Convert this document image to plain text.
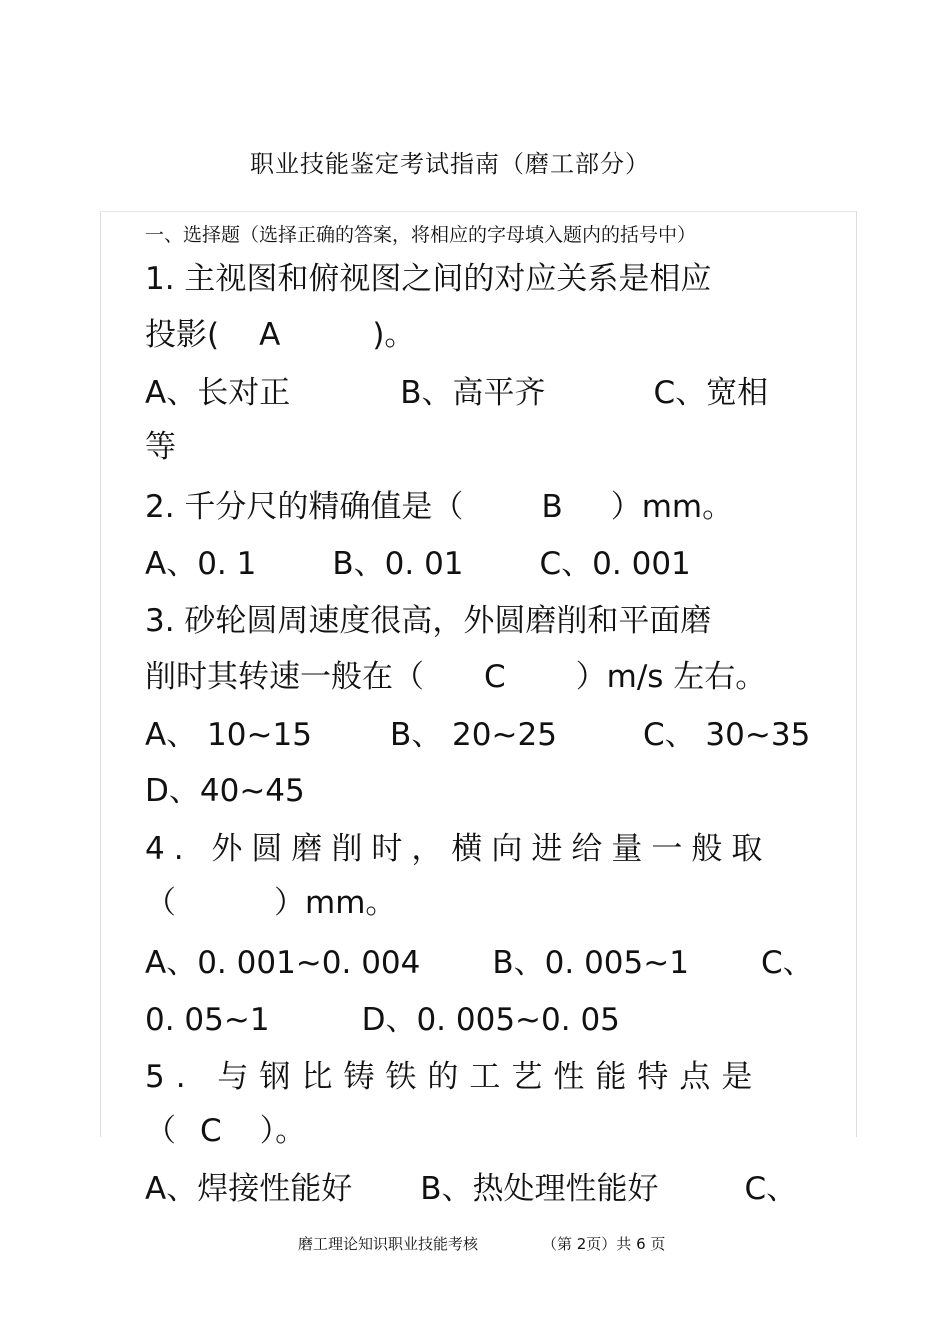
职业技能鉴定考试指南（磨工部分）
一、选择题（选择正确的答案，将相应的字母填入题内的括号中）
1. 主视图和俯视图之间的对应关系是相应
投影( A	)。
A、长对正	B、高平齐	C、宽相
等
2. 千分尺的精确值是（	B ）mm。
A、0. 1 B、0. 01 C、0. 001
3. 砂轮圆周速度很高，外圆磨削和平面磨
削时其转速一般在（ C ）m/s 左右。
A、 10~15	B、 20~25	C、 30~35
D、40~45
4. 外圆磨削时，横向进给量一般取
（	）mm。
A、0. 001~0. 004 B、0. 005~1 C、
0. 05~1	D、0. 005~0. 05
5. 与钢比铸铁的工艺性能特点是
（ C ）。
A、焊接性能好 B、热处理性能好	C、
磨工理论知识职业技能考核	（第 2页）共 6 页
